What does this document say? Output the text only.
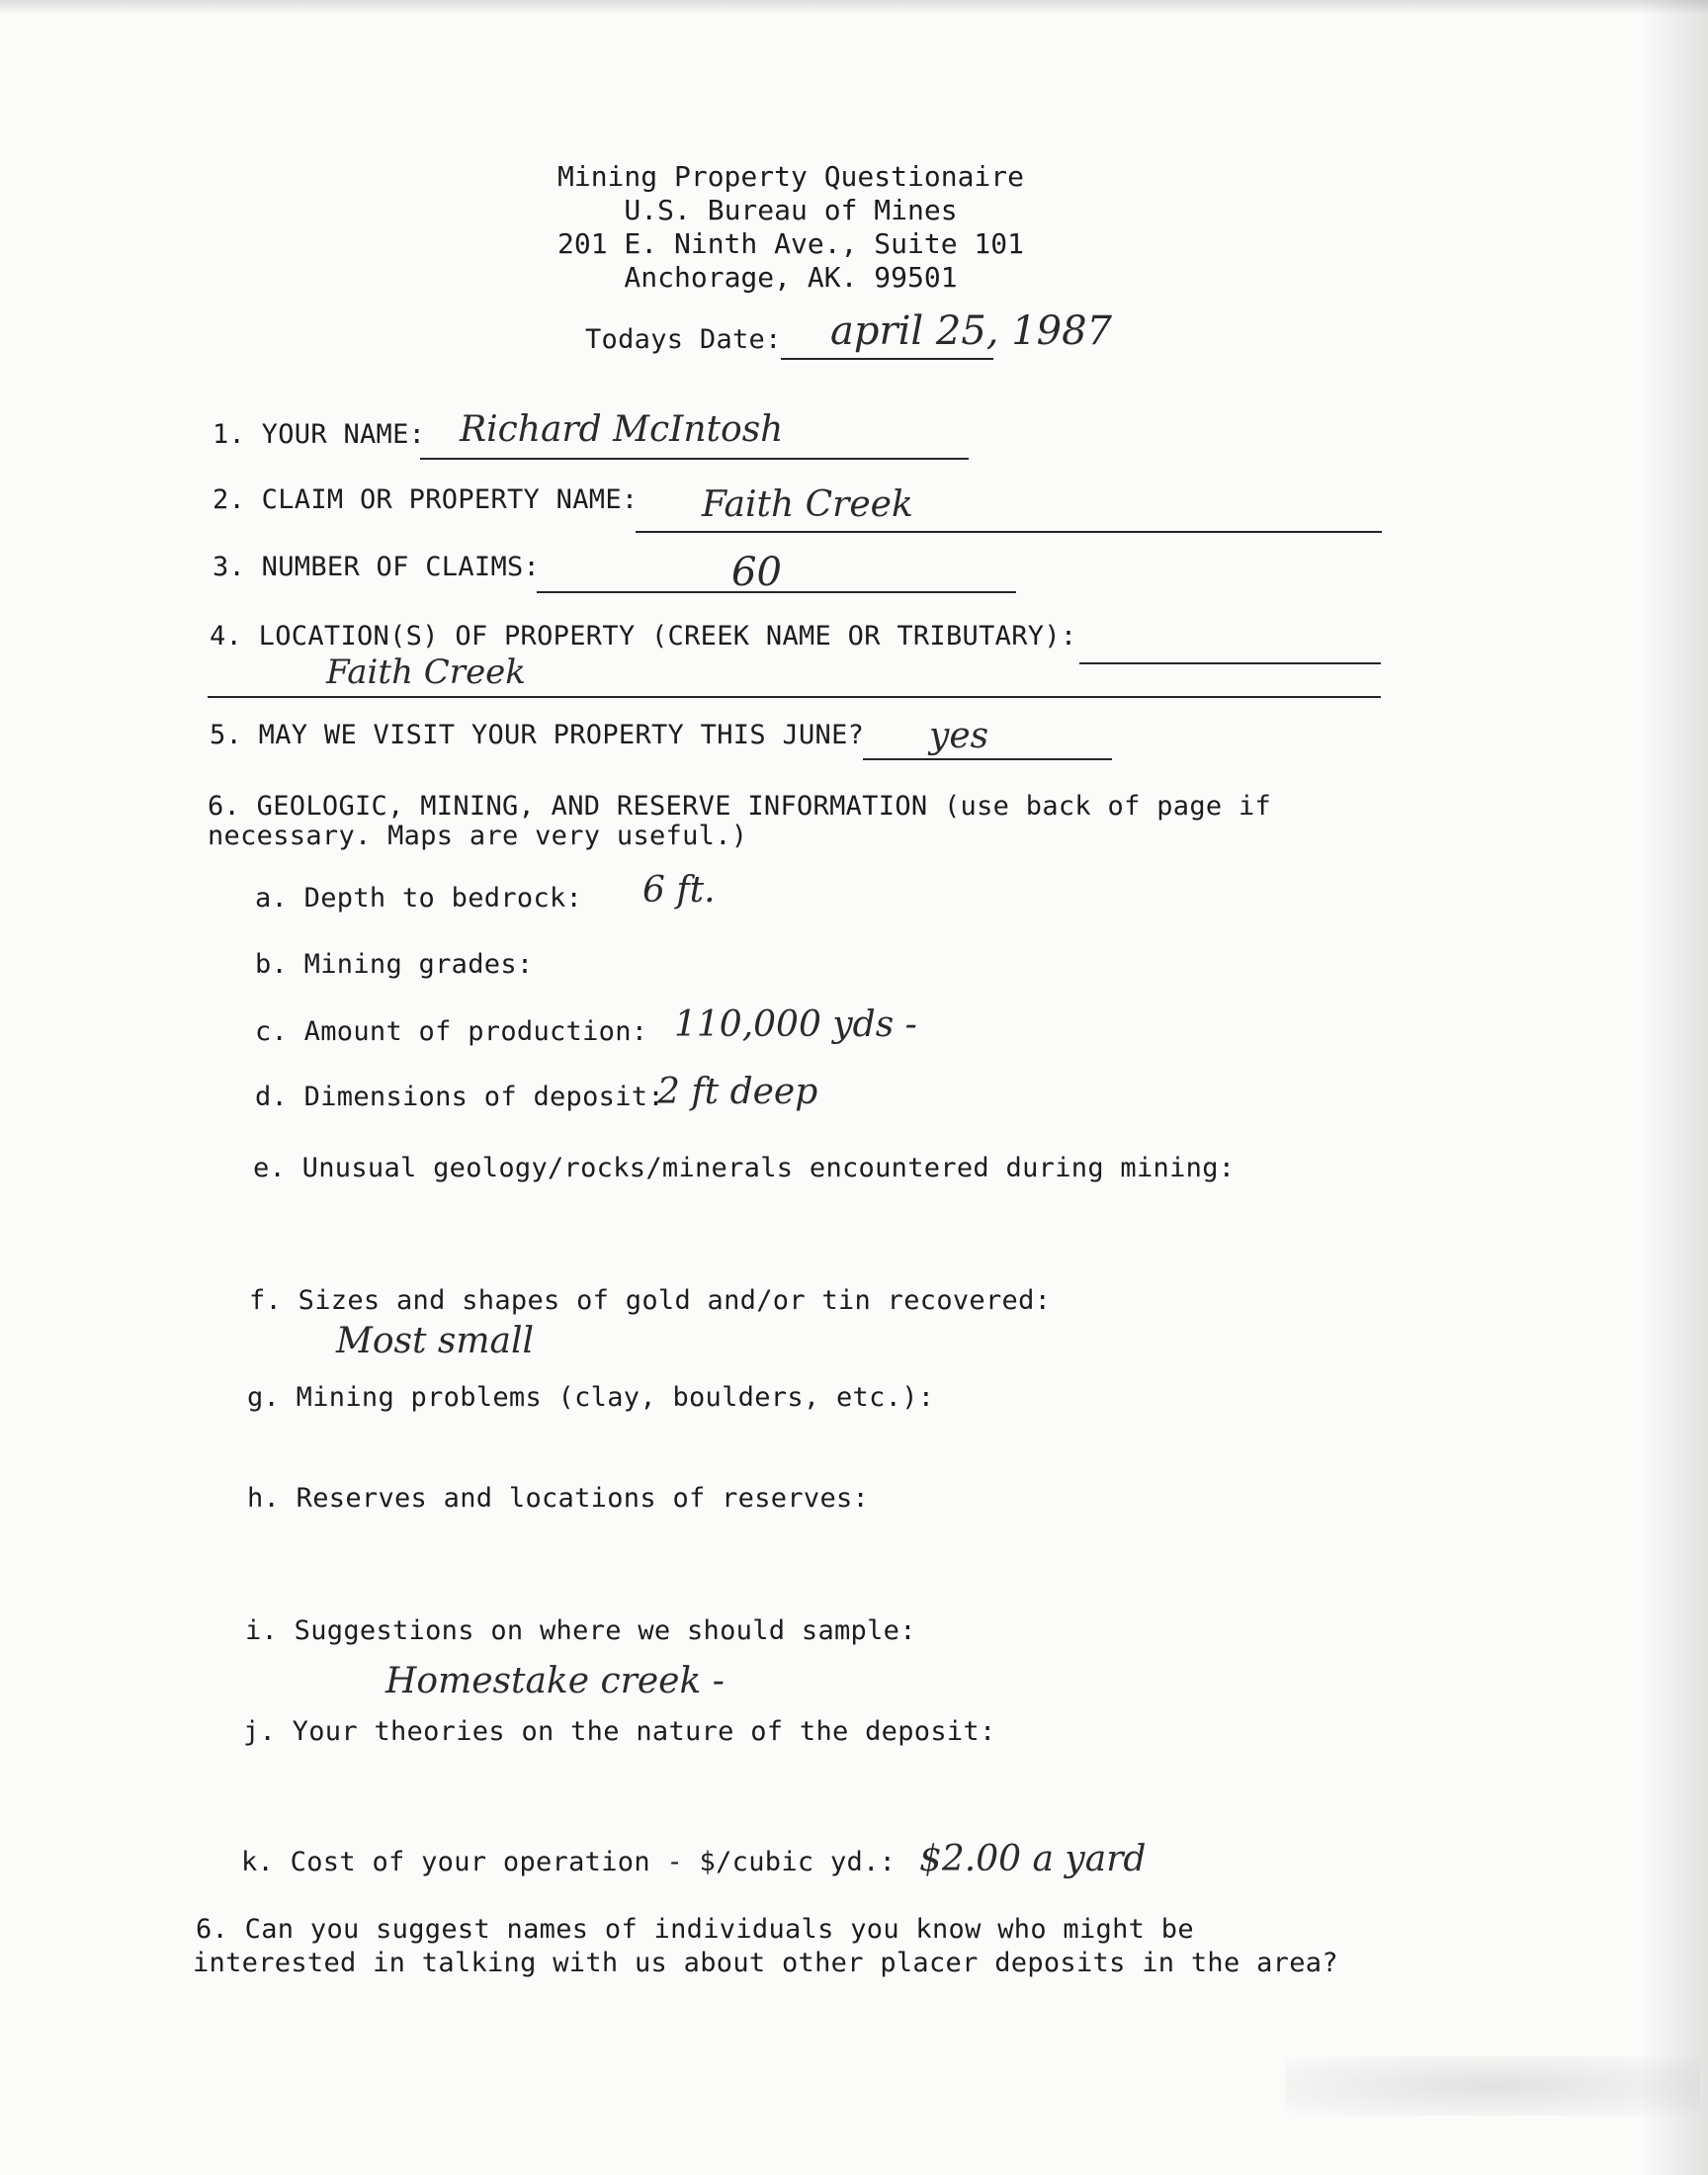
Mining Property Questionaire
U.S. Bureau of Mines
201 E. Ninth Ave., Suite 101
Anchorage, AK. 99501
Todays Date: april 25, 1987
1. YOUR NAME: Richard McIntosh
2. CLAIM OR PROPERTY NAME: Faith Creek
3. NUMBER OF CLAIMS:	60
4. LOCATION(S) OF PROPERTY (CREEK NAME OR TRIBUTARY):
Faith Creek
5. MAY WE VISIT YOUR PROPERTY THIS JUNE? yes
6. GEOLOGIC, MINING, AND RESERVE INFORMATION (use back of page if
necessary. Maps are very useful.)
a. Depth to bedrock: 6 ft.
b. Mining grades:
c. Amount of production: 110,000 yds -
d. Dimensions of deposit:
2 ft deep
e. Unusual geology/rocks/minerals encountered during mining:
f. Sizes and shapes of gold and/or tin recovered:
Most small
g. Mining problems (clay, boulders, etc.):
h. Reserves and locations of reserves:
i. Suggestions on where we should sample:
Homestake creek -
j. Your theories on the nature of the deposit:
k. Cost of your operation - $/cubic yd.: $2.00 a yard
6. Can you suggest names of individuals you know who might be
interested in talking with us about other placer deposits in the area?
